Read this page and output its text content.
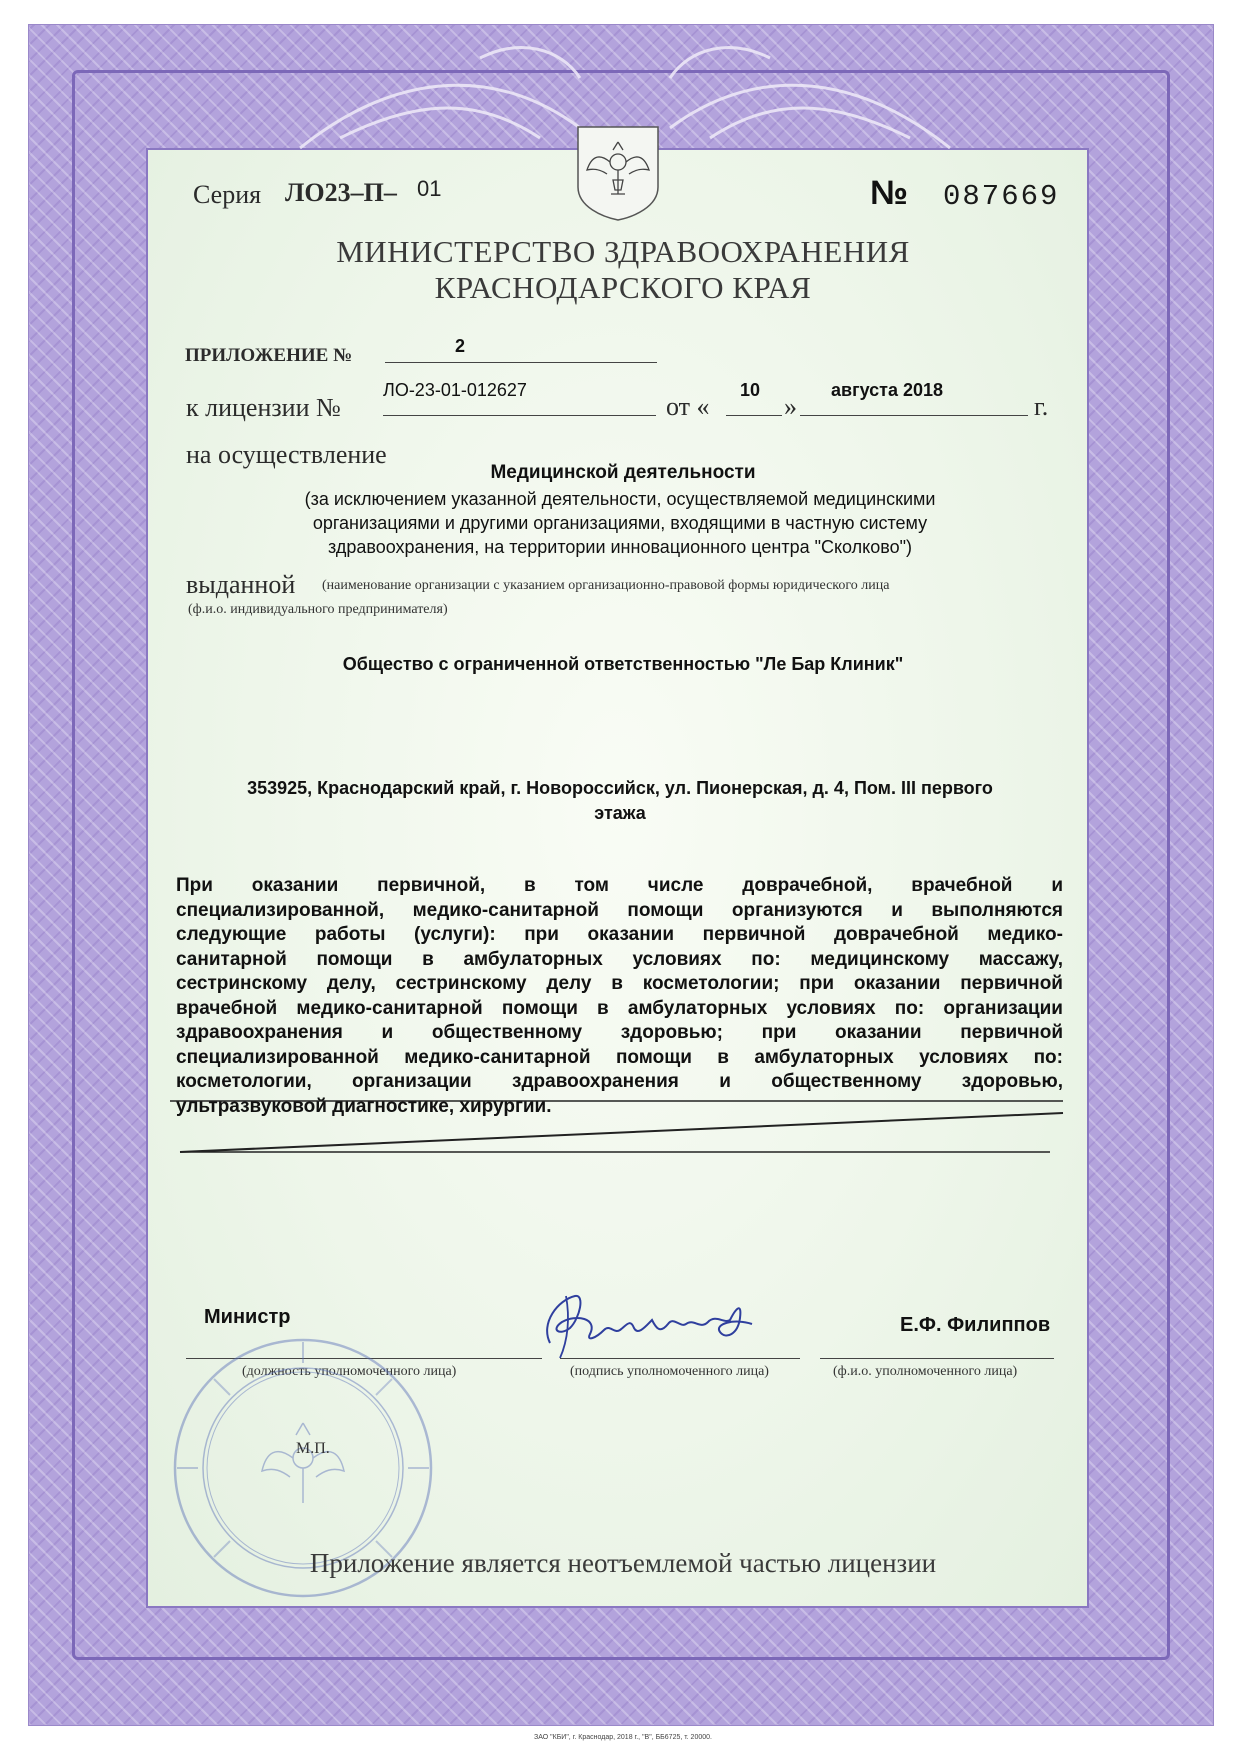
Серия ЛО23–П– 01	№ 087669
МИНИСТЕРСТВО ЗДРАВООХРАНЕНИЯ
КРАСНОДАРСКОГО КРАЯ
ПРИЛОЖЕНИЕ №	2
к лицензии №
ЛО-23-01-012627
от «
10
»
августа 2018
г.
на осуществление
Медицинской деятельности
(за исключением указанной деятельности, осуществляемой медицинскими
организациями и другими организациями, входящими в частную систему
здравоохранения, на территории инновационного центра "Сколково")
выданной (наименование организации с указанием организационно-правовой формы юридического лица
(ф.и.о. индивидуального предпринимателя)
Общество с ограниченной ответственностью "Ле Бар Клиник"
353925, Краснодарский край, г. Новороссийск, ул. Пионерская, д. 4, Пом. III первого
этажа
При оказании первичной, в том числе доврачебной, врачебной и
специализированной, медико-санитарной помощи организуются и выполняются
следующие работы (услуги): при оказании первичной доврачебной медико-
санитарной помощи в амбулаторных условиях по: медицинскому массажу,
сестринскому делу, сестринскому делу в косметологии; при оказании первичной
врачебной медико-санитарной помощи в амбулаторных условиях по: организации
здравоохранения и общественному здоровью; при оказании первичной
специализированной медико-санитарной помощи в амбулаторных условиях по:
косметологии, организации здравоохранения и общественному здоровью,
ультразвуковой диагностике, хирургии.
Министр
(должность уполномоченного лица)	(подпись уполномоченного лица)
Е.Ф. Филиппов
(ф.и.о. уполномоченного лица)
М.П.
Приложение является неотъемлемой частью лицензии
ЗАО "КБИ", г. Краснодар, 2018 г., "В", ББ6725, т. 20000.
